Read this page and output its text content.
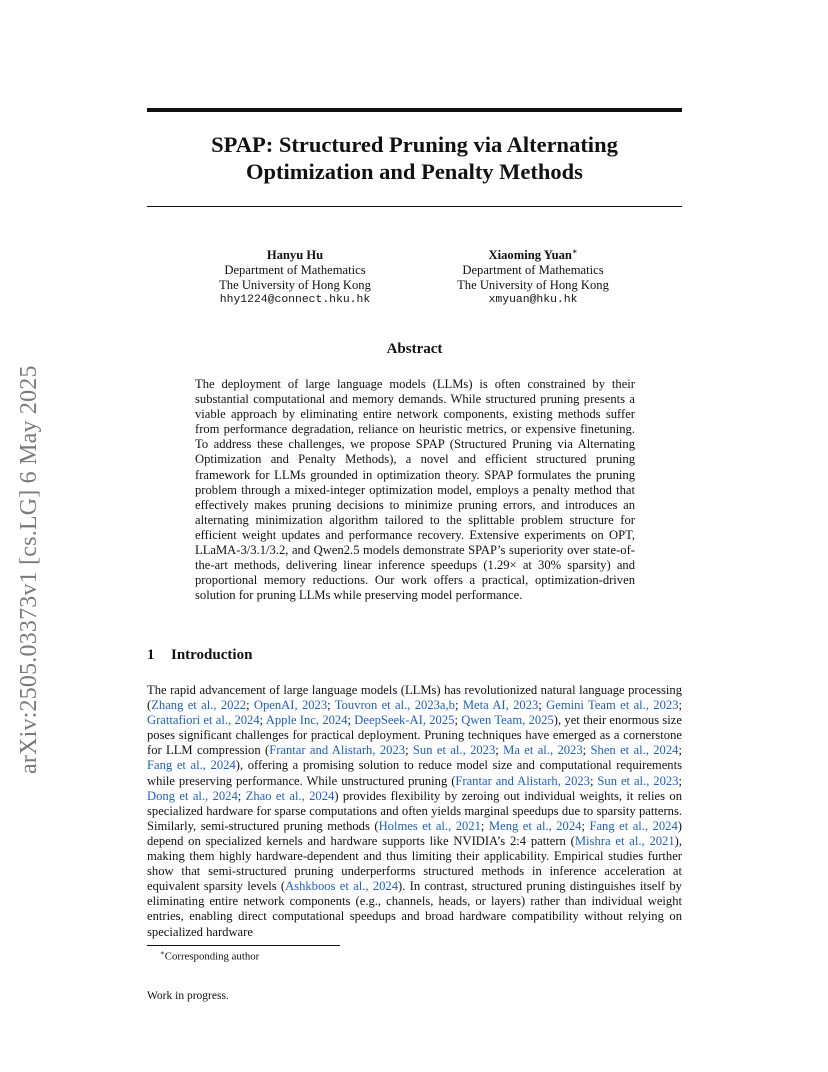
arXiv:2505.03373v1 [cs.LG] 6 May 2025
SPAP: Structured Pruning via Alternating Optimization and Penalty Methods
Hanyu Hu
Department of Mathematics
The University of Hong Kong
hhy1224@connect.hku.hk
Xiaoming Yuan∗
Department of Mathematics
The University of Hong Kong
xmyuan@hku.hk
Abstract
The deployment of large language models (LLMs) is often constrained by their substantial computational and memory demands. While structured pruning presents a viable approach by eliminating entire network components, existing methods suffer from performance degradation, reliance on heuristic metrics, or expensive finetuning. To address these challenges, we propose SPAP (Structured Pruning via Alternating Optimization and Penalty Methods), a novel and efficient structured pruning framework for LLMs grounded in optimization theory. SPAP formulates the pruning problem through a mixed-integer optimization model, employs a penalty method that effectively makes pruning decisions to minimize pruning errors, and introduces an alternating minimization algorithm tailored to the splittable problem structure for efficient weight updates and performance recovery. Extensive experiments on OPT, LLaMA-3/3.1/3.2, and Qwen2.5 models demonstrate SPAP’s superiority over state-of-the-art methods, delivering linear inference speedups (1.29× at 30% sparsity) and proportional memory reductions. Our work offers a practical, optimization-driven solution for pruning LLMs while preserving model performance.
1 Introduction
The rapid advancement of large language models (LLMs) has revolutionized natural language processing (Zhang et al., 2022; OpenAI, 2023; Touvron et al., 2023a,b; Meta AI, 2023; Gemini Team et al., 2023; Grattafiori et al., 2024; Apple Inc, 2024; DeepSeek-AI, 2025; Qwen Team, 2025), yet their enormous size poses significant challenges for practical deployment. Pruning techniques have emerged as a cornerstone for LLM compression (Frantar and Alistarh, 2023; Sun et al., 2023; Ma et al., 2023; Shen et al., 2024; Fang et al., 2024), offering a promising solution to reduce model size and computational requirements while preserving performance. While unstructured pruning (Frantar and Alistarh, 2023; Sun et al., 2023; Dong et al., 2024; Zhao et al., 2024) provides flexibility by zeroing out individual weights, it relies on specialized hardware for sparse computations and often yields marginal speedups due to sparsity patterns. Similarly, semi-structured pruning methods (Holmes et al., 2021; Meng et al., 2024; Fang et al., 2024) depend on specialized kernels and hardware supports like NVIDIA’s 2:4 pattern (Mishra et al., 2021), making them highly hardware-dependent and thus limiting their applicability. Empirical studies further show that semi-structured pruning underperforms structured methods in inference acceleration at equivalent sparsity levels (Ashkboos et al., 2024). In contrast, structured pruning distinguishes itself by eliminating entire network components (e.g., channels, heads, or layers) rather than individual weight entries, enabling direct computational speedups and broad hardware compatibility without relying on specialized hardware
∗Corresponding author
Work in progress.
